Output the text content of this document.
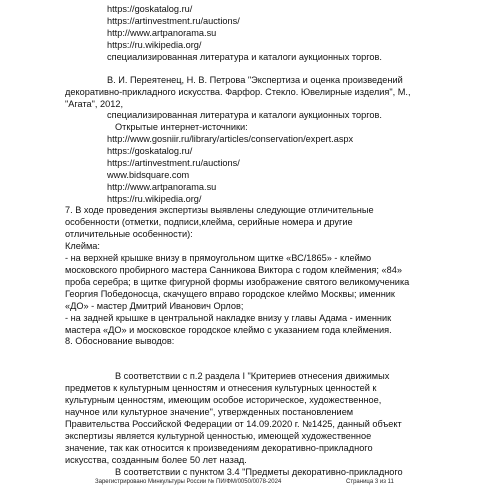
https://goskatalog.ru/
https://artinvestment.ru/auctions/
http://www.artpanorama.su
https://ru.wikipedia.org/
специализированная литература и каталоги аукционных торгов.
В. И. Переятенец, Н. В. Петрова "Экспертиза и оценка произведений
декоративно-прикладного искусства. Фарфор. Стекло. Ювелирные изделия", М.,
"Агата", 2012,
специализированная литература и каталоги аукционных торгов.
Открытые интернет-источники:
http://www.gosniir.ru/library/articles/conservation/expert.aspx
https://goskatalog.ru/
https://artinvestment.ru/auctions/
www.bidsquare.com
http://www.artpanorama.su
https://ru.wikipedia.org/
7. В ходе проведения экспертизы выявлены следующие отличительные
особенности (отметки, подписи,клейма, серийные номера и другие
отличительные особенности):
Клейма:
- на верхней крышке внизу в прямоугольном щитке «ВС/1865» - клеймо
московского пробирного мастера Санникова Виктора с годом клеймения; «84»
проба серебра; в щитке фигурной формы изображение святого великомученика
Георгия Победоносца, скачущего вправо городское клеймо Москвы; именник
«ДО» - мастер Дмитрий Иванович Орлов;
- на задней крышке в центральной накладке внизу у главы Адама - именник
мастера «ДО» и московское городское клеймо с указанием года клеймения.
8. Обоснование выводов:
В соответствии с п.2 раздела I "Критериев отнесения движимых
предметов к культурным ценностям и отнесения культурных ценностей к
культурным ценностям, имеющим особое историческое, художественное,
научное или культурное значение", утвержденных постановлением
Правительства Российской Федерации от 14.09.2020 г. №1425, данный объект
экспертизы является культурной ценностью, имеющей художественное
значение, так как относится к произведениям декоративно-прикладного
искусства, созданным более 50 лет назад.
В соответствии с пунктом 3.4 "Предметы декоративно-прикладного
Зарегистрировано Минкультуры России № ПИ/ФМ/0050/0078-2024	Страница 3 из 11
